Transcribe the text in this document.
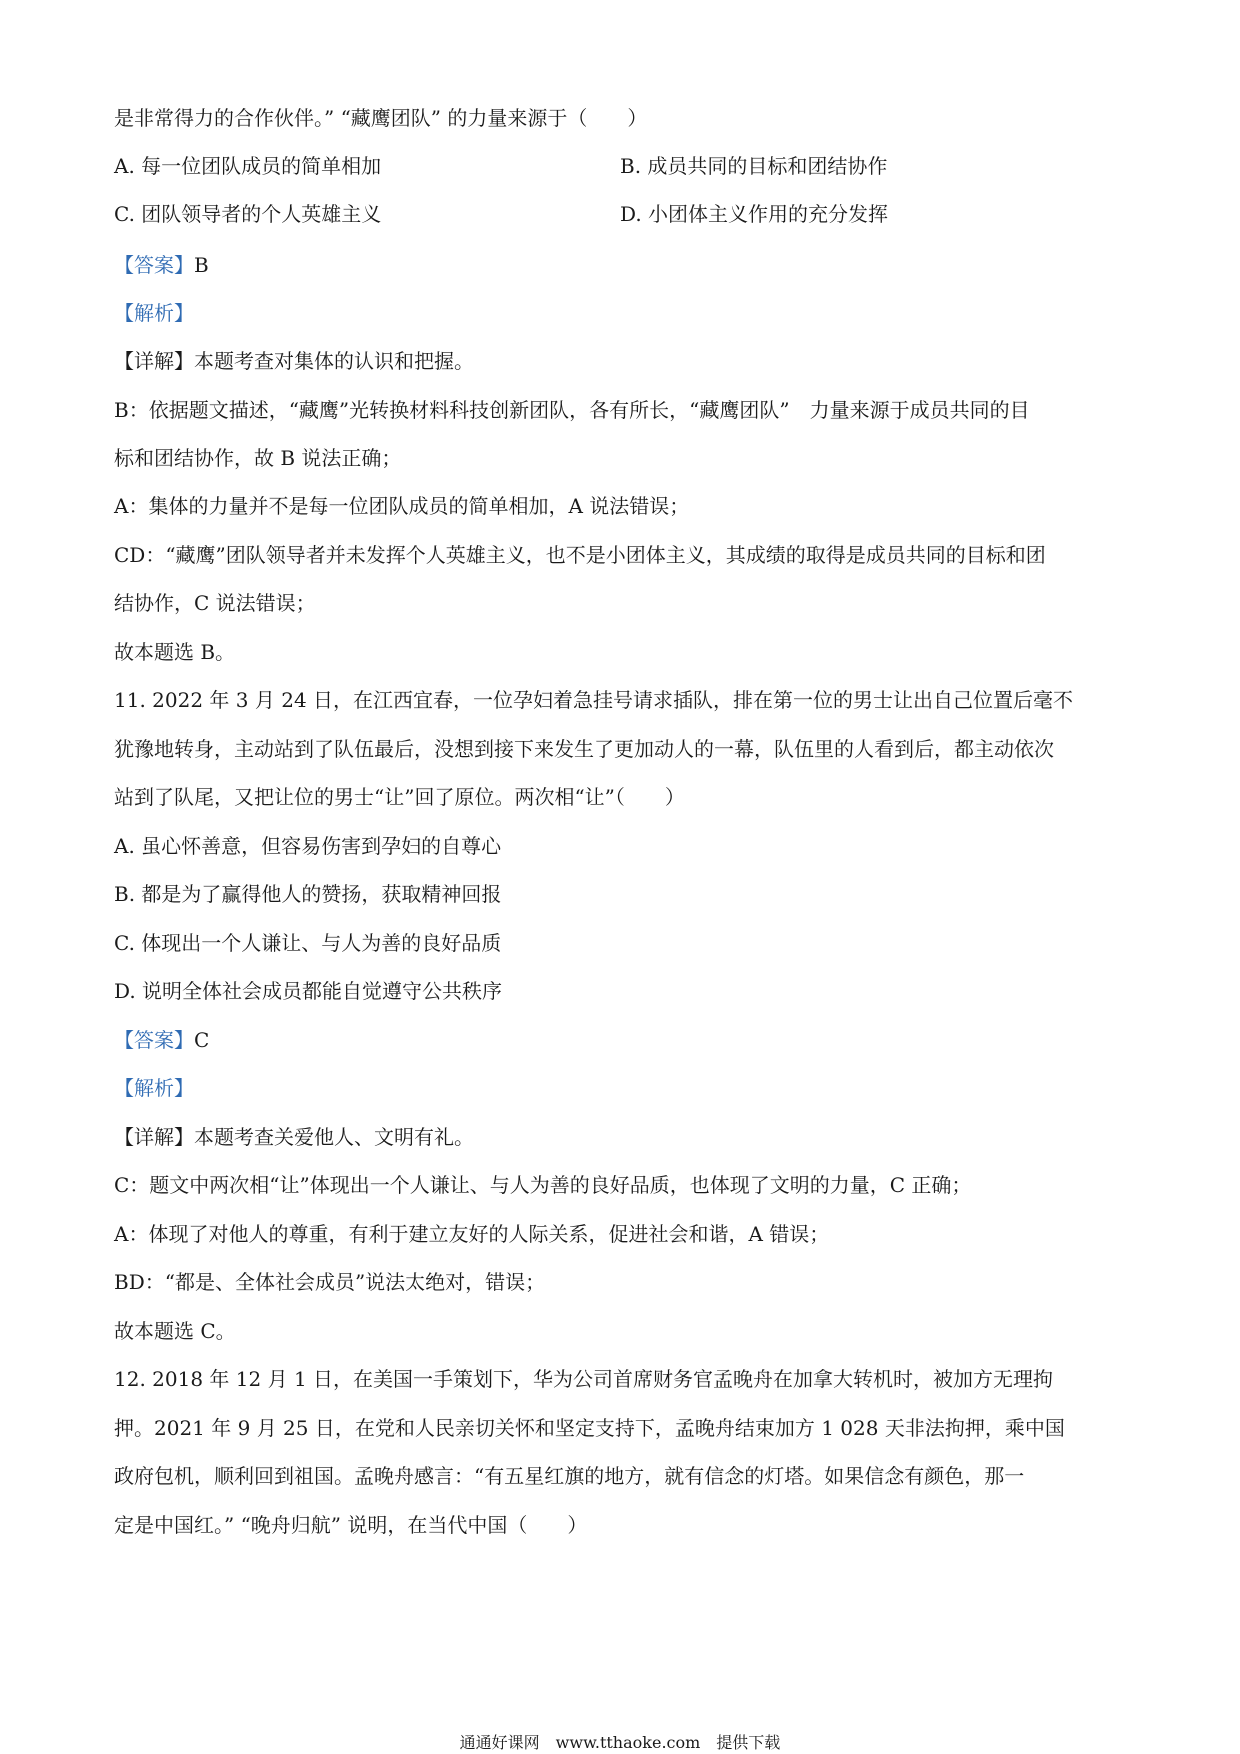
是非常得力的合作伙伴。” “藏鹰团队” 的力量来源于（　　）
A. 每一位团队成员的简单相加	B. 成员共同的目标和团结协作
C. 团队领导者的个人英雄主义	D. 小团体主义作用的充分发挥
【答案】B
【解析】
【详解】本题考查对集体的认识和把握。
B：依据题文描述，“藏鹰”光转换材料科技创新团队，各有所长，“藏鹰团队”　力量来源于成员共同的目
标和团结协作，故 B 说法正确；
A：集体的力量并不是每一位团队成员的简单相加，A 说法错误；
CD：“藏鹰”团队领导者并未发挥个人英雄主义，也不是小团体主义，其成绩的取得是成员共同的目标和团
结协作，C 说法错误；
故本题选 B。
11. 2022 年 3 月 24 日，在江西宜春，一位孕妇着急挂号请求插队，排在第一位的男士让出自己位置后毫不
犹豫地转身，主动站到了队伍最后，没想到接下来发生了更加动人的一幕，队伍里的人看到后，都主动依次
站到了队尾，又把让位的男士“让”回了原位。两次相“让”（　　）
A. 虽心怀善意，但容易伤害到孕妇的自尊心
B. 都是为了赢得他人的赞扬，获取精神回报
C. 体现出一个人谦让、与人为善的良好品质
D. 说明全体社会成员都能自觉遵守公共秩序
【答案】C
【解析】
【详解】本题考查关爱他人、文明有礼。
C：题文中两次相“让”体现出一个人谦让、与人为善的良好品质，也体现了文明的力量，C 正确；
A：体现了对他人的尊重，有利于建立友好的人际关系，促进社会和谐，A 错误；
BD：“都是、全体社会成员”说法太绝对，错误；
故本题选 C。
12. 2018 年 12 月 1 日，在美国一手策划下，华为公司首席财务官孟晚舟在加拿大转机时，被加方无理拘
押。2021 年 9 月 25 日，在党和人民亲切关怀和坚定支持下，孟晚舟结束加方 1 028 天非法拘押，乘中国
政府包机，顺利回到祖国。孟晚舟感言：“有五星红旗的地方，就有信念的灯塔。如果信念有颜色，那一
定是中国红。” “晚舟归航” 说明，在当代中国（　　）
通通好课网　www.tthaoke.com　提供下载
